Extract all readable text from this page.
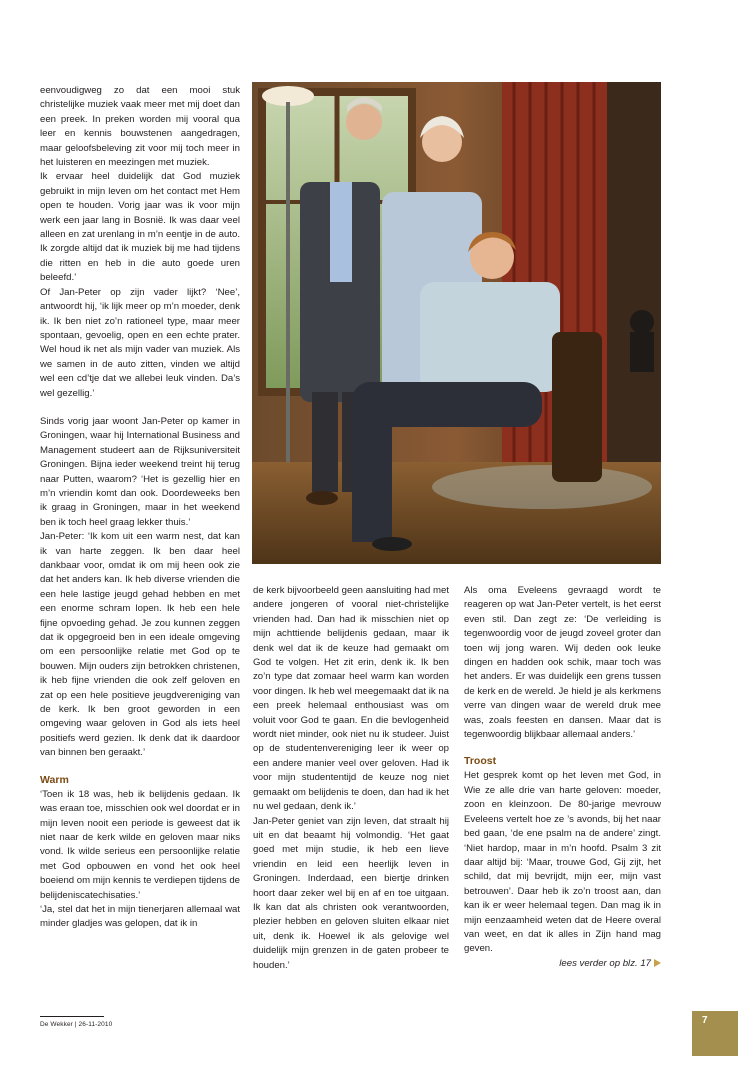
eenvoudigweg zo dat een mooi stuk christelijke muziek vaak meer met mij doet dan een preek. In preken worden mij vooral qua leer en kennis bouwstenen aangedragen, maar geloofsbeleving zit voor mij toch meer in het luisteren en meezingen met muziek.

Ik ervaar heel duidelijk dat God muziek gebruikt in mijn leven om het contact met Hem open te houden. Vorig jaar was ik voor mijn werk een jaar lang in Bosnië. Ik was daar veel alleen en zat urenlang in m’n eentje in de auto. Ik zorgde altijd dat ik muziek bij me had tijdens die ritten en heb in die auto goede uren beleefd.’

Of Jan-Peter op zijn vader lijkt? ‘Nee’, antwoordt hij, ‘ik lijk meer op m’n moeder, denk ik. Ik ben niet zo’n rationeel type, maar meer spontaan, gevoelig, open en een echte prater. Wel houd ik net als mijn vader van muziek. Als we samen in de auto zitten, vinden we altijd wel een cd’tje dat we allebei leuk vinden. Da’s wel gezellig.’

Sinds vorig jaar woont Jan-Peter op kamer in Groningen, waar hij International Business and Management studeert aan de Rijksuniversiteit Groningen. Bijna ieder weekend treint hij terug naar Putten, waarom? ‘Het is gezellig hier en m’n vriendin komt dan ook. Doordeweeks ben ik graag in Groningen, maar in het weekend ben ik toch heel graag lekker thuis.’

Jan-Peter: ‘Ik kom uit een warm nest, dat kan ik van harte zeggen. Ik ben daar heel dankbaar voor, omdat ik om mij heen ook zie dat het anders kan. Ik heb diverse vrienden die een hele lastige jeugd gehad hebben en met een enorme schram lopen. Ik heb een hele fijne opvoeding gehad. Je zou kunnen zeggen dat ik opgegroeid ben in een ideale omgeving om een persoonlijke relatie met God op te bouwen. Mijn ouders zijn betrokken christenen, ik heb fijne vrienden die ook zelf geloven en zat op een hele positieve jeugdvereniging van de kerk. Ik ben groot geworden in een omgeving waar geloven in God als iets heel positiefs werd gezien. Ik denk dat ik daardoor van binnen ben geraakt.’

Warm

‘Toen ik 18 was, heb ik belijdenis gedaan. Ik was eraan toe, misschien ook wel doordat er in mijn leven nooit een periode is geweest dat ik niet naar de kerk wilde en geloven maar niks vond. Ik wilde serieus een persoonlijke relatie met God opbouwen en vond het ook heel boeiend om mijn kennis te verdiepen tijdens de belijdeniscatechisaties.’

‘Ja, stel dat het in mijn tienerjaren allemaal wat minder gladjes was gelopen, dat ik in

de kerk bijvoorbeeld geen aansluiting had met andere jongeren of vooral niet-christelijke vrienden had. Dan had ik misschien niet op mijn achttiende belijdenis gedaan, maar ik denk wel dat ik de keuze had gemaakt om God te volgen. Het zit erin, denk ik. Ik ben zo’n type dat zomaar heel warm kan worden voor dingen. Ik heb wel meegemaakt dat ik na een preek helemaal enthousiast was om voluit voor God te gaan. En die bevlogenheid wordt niet minder, ook niet nu ik studeer. Juist op de studentenvereniging leer ik weer op een andere manier veel over geloven. Had ik voor mijn studententijd de keuze nog niet gemaakt om belijdenis te doen, dan had ik het nu wel gedaan, denk ik.’

Jan-Peter geniet van zijn leven, dat straalt hij uit en dat beaamt hij volmondig. ‘Het gaat goed met mijn studie, ik heb een lieve vriendin en leid een heerlijk leven in Groningen. Inderdaad, een biertje drinken hoort daar zeker wel bij en af en toe uitgaan. Ik kan dat als christen ook verantwoorden, plezier hebben en geloven sluiten elkaar niet uit, denk ik. Hoewel ik als gelovige wel duidelijk mijn grenzen in de gaten probeer te houden.’

Als oma Eveleens gevraagd wordt te reageren op wat Jan-Peter vertelt, is het eerst even stil. Dan zegt ze: ‘De verleiding is tegenwoordig voor de jeugd zoveel groter dan toen wij jong waren. Wij deden ook leuke dingen en hadden ook schik, maar toch was het anders. Er was duidelijk een grens tussen de kerk en de wereld. Je hield je als kerkmens verre van dingen waar de wereld druk mee was, zoals feesten en dansen. Maar dat is tegenwoordig blijkbaar allemaal anders.’

Troost

Het gesprek komt op het leven met God, in Wie ze alle drie van harte geloven: moeder, zoon en kleinzoon. De 80-jarige mevrouw Eveleens vertelt hoe ze ’s avonds, bij het naar bed gaan, ‘de ene psalm na de andere’ zingt. ‘Niet hardop, maar in m’n hoofd. Psalm 3 zit daar altijd bij: ‘Maar, trouwe God, Gij zijt, het schild, dat mij bevrijdt, mijn eer, mijn vast betrouwen’. Daar heb ik zo’n troost aan, dan kan ik er weer helemaal tegen. Dan mag ik in mijn eenzaamheid weten dat de Heere overal van weet, en dat ik alles in Zijn hand mag geven.

lees verder op blz. 17

De Wekker | 26-11-2010	7
